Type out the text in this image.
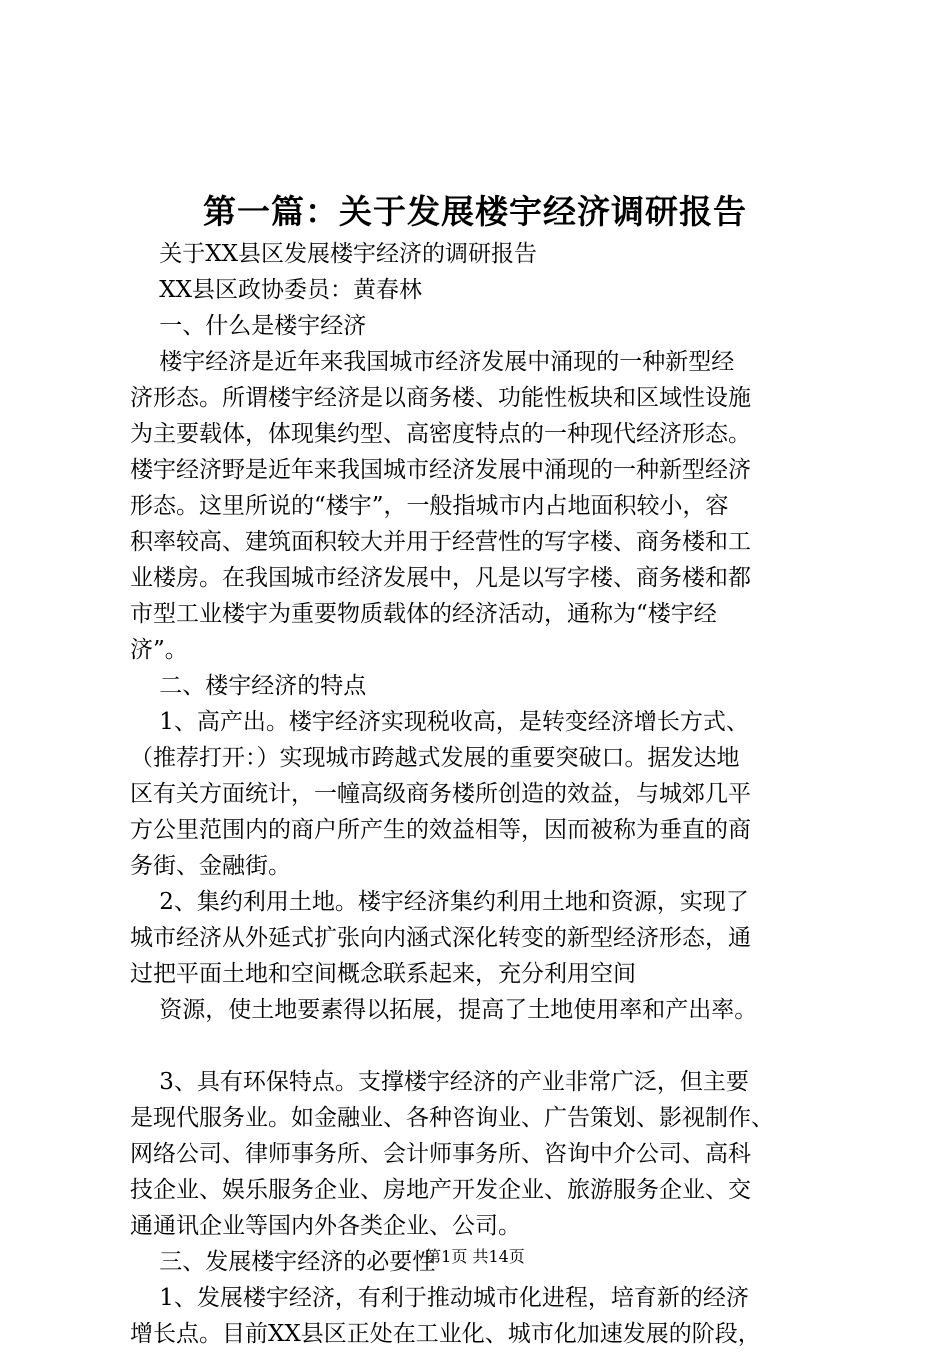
第一篇：关于发展楼宇经济调研报告
关于XX县区发展楼宇经济的调研报告
XX县区政协委员：黄春林
一、什么是楼宇经济
楼宇经济是近年来我国城市经济发展中涌现的一种新型经
济形态。所谓楼宇经济是以商务楼、功能性板块和区域性设施
为主要载体，体现集约型、高密度特点的一种现代经济形态。
楼宇经济野是近年来我国城市经济发展中涌现的一种新型经济
形态。这里所说的“楼宇”，一般指城市内占地面积较小，容
积率较高、建筑面积较大并用于经营性的写字楼、商务楼和工
业楼房。在我国城市经济发展中，凡是以写字楼、商务楼和都
市型工业楼宇为重要物质载体的经济活动，通称为“楼宇经
济”。
二、楼宇经济的特点
1、高产出。楼宇经济实现税收高，是转变经济增长方式、
（推荐打开：）实现城市跨越式发展的重要突破口。据发达地
区有关方面统计，一幢高级商务楼所创造的效益，与城郊几平
方公里范围内的商户所产生的效益相等，因而被称为垂直的商
务街、金融街。
2、集约利用土地。楼宇经济集约利用土地和资源，实现了
城市经济从外延式扩张向内涵式深化转变的新型经济形态，通
过把平面土地和空间概念联系起来，充分利用空间
资源，使土地要素得以拓展，提高了土地使用率和产出率。
3、具有环保特点。支撑楼宇经济的产业非常广泛，但主要
是现代服务业。如金融业、各种咨询业、广告策划、影视制作、
网络公司、律师事务所、会计师事务所、咨询中介公司、高科
技企业、娱乐服务企业、房地产开发企业、旅游服务企业、交
通通讯企业等国内外各类企业、公司。
三、发展楼宇经济的必要性
1、发展楼宇经济，有利于推动城市化进程，培育新的经济
增长点。目前XX县区正处在工业化、城市化加速发展的阶段，
第1页 共14页
